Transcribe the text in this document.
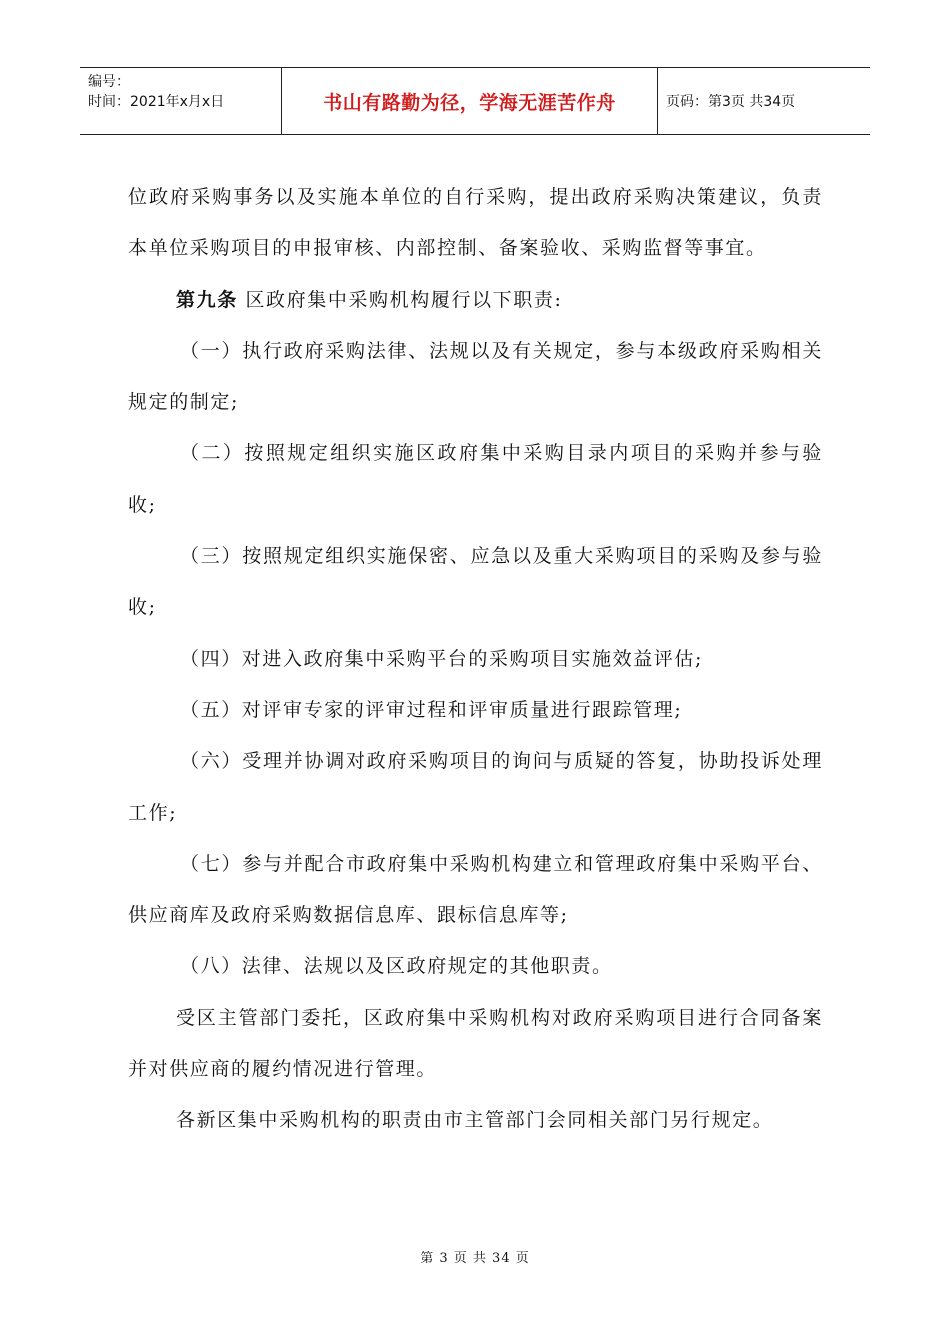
编号：
时间：2021年x月x日	书山有路勤为径，学海无涯苦作舟	页码：第3页 共34页

位政府采购事务以及实施本单位的自行采购，提出政府采购决策建议，负责本单位采购项目的申报审核、内部控制、备案验收、采购监督等事宜。

第九条 区政府集中采购机构履行以下职责:

（一）执行政府采购法律、法规以及有关规定，参与本级政府采购相关规定的制定;

（二）按照规定组织实施区政府集中采购目录内项目的采购并参与验收;

（三）按照规定组织实施保密、应急以及重大采购项目的采购及参与验收;

（四）对进入政府集中采购平台的采购项目实施效益评估;

（五）对评审专家的评审过程和评审质量进行跟踪管理;

（六）受理并协调对政府采购项目的询问与质疑的答复，协助投诉处理工作;

（七）参与并配合市政府集中采购机构建立和管理政府集中采购平台、供应商库及政府采购数据信息库、跟标信息库等;

（八）法律、法规以及区政府规定的其他职责。

受区主管部门委托，区政府集中采购机构对政府采购项目进行合同备案并对供应商的履约情况进行管理。

各新区集中采购机构的职责由市主管部门会同相关部门另行规定。

第 3 页 共 34 页
